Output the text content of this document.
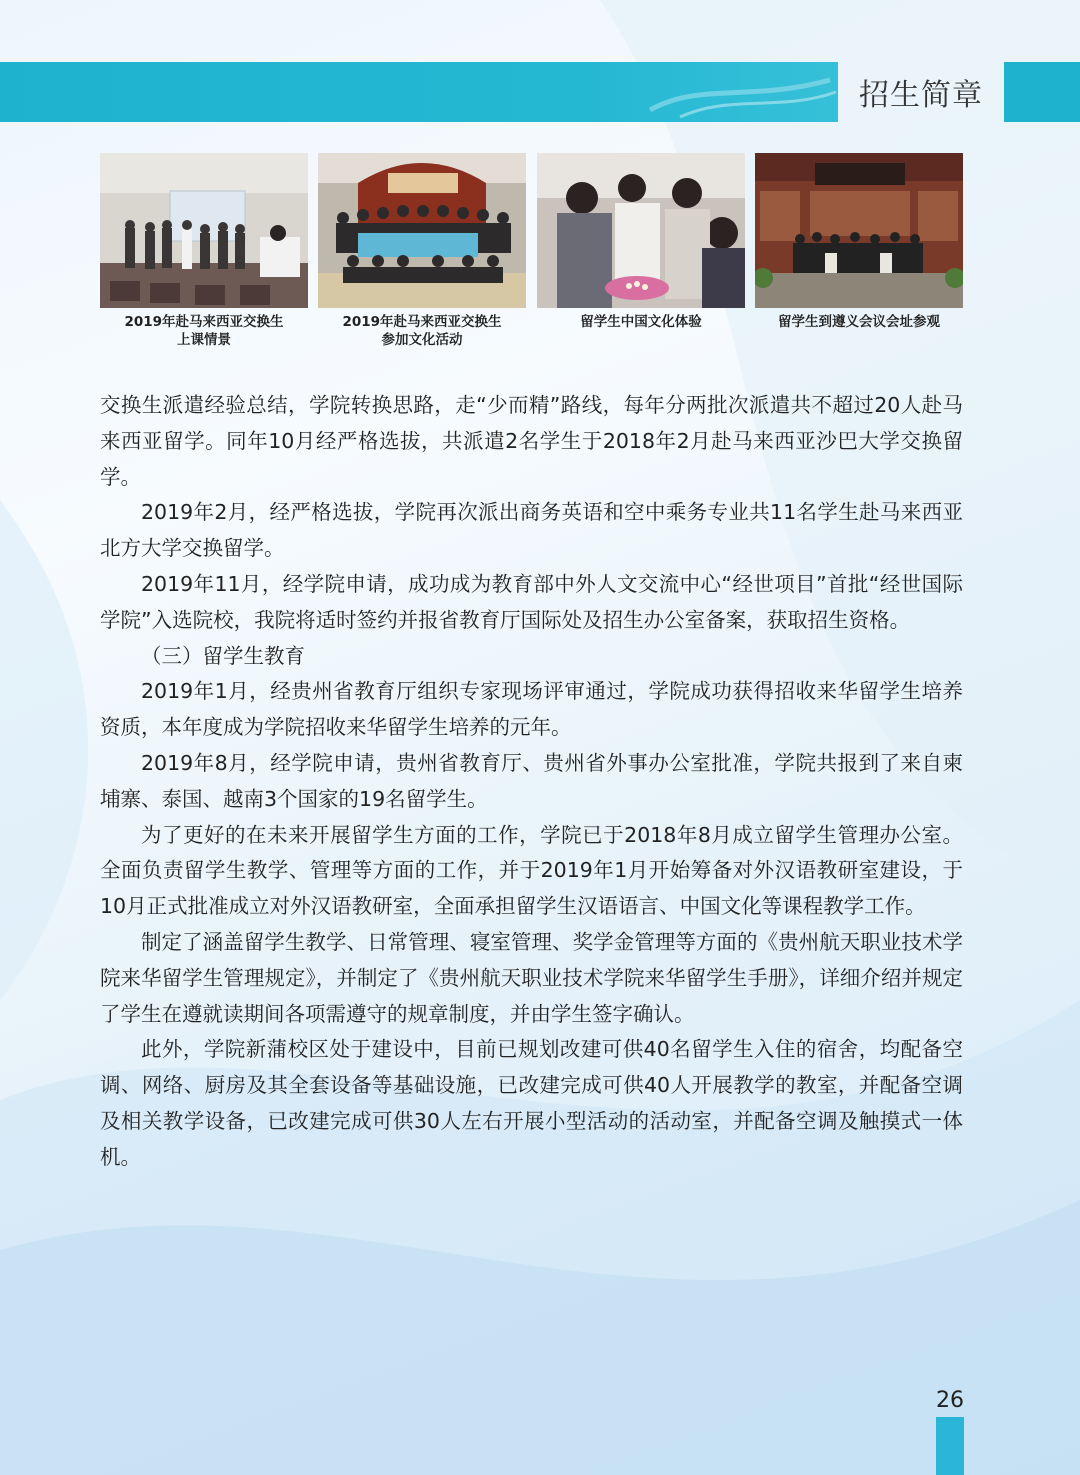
招生简章
2019年赴马来西亚交换生
上课情景
2019年赴马来西亚交换生
参加文化活动
留学生中国文化体验	留学生到遵义会议会址参观

交换生派遣经验总结，学院转换思路，走“少而精”路线，每年分两批次派遣共不超过20人赴马来西亚留学。同年10月经严格选拔，共派遣2名学生于2018年2月赴马来西亚沙巴大学交换留学。

2019年2月，经严格选拔，学院再次派出商务英语和空中乘务专业共11名学生赴马来西亚北方大学交换留学。

2019年11月，经学院申请，成功成为教育部中外人文交流中心“经世项目”首批“经世国际学院”入选院校，我院将适时签约并报省教育厅国际处及招生办公室备案，获取招生资格。

（三）留学生教育

2019年1月，经贵州省教育厅组织专家现场评审通过，学院成功获得招收来华留学生培养资质，本年度成为学院招收来华留学生培养的元年。

2019年8月，经学院申请，贵州省教育厅、贵州省外事办公室批准，学院共报到了来自柬埔寨、泰国、越南3个国家的19名留学生。

为了更好的在未来开展留学生方面的工作，学院已于2018年8月成立留学生管理办公室。全面负责留学生教学、管理等方面的工作，并于2019年1月开始筹备对外汉语教研室建设，于10月正式批准成立对外汉语教研室，全面承担留学生汉语语言、中国文化等课程教学工作。

制定了涵盖留学生教学、日常管理、寝室管理、奖学金管理等方面的《贵州航天职业技术学院来华留学生管理规定》，并制定了《贵州航天职业技术学院来华留学生手册》，详细介绍并规定了学生在遵就读期间各项需遵守的规章制度，并由学生签字确认。

此外，学院新蒲校区处于建设中，目前已规划改建可供40名留学生入住的宿舍，均配备空调、网络、厨房及其全套设备等基础设施，已改建完成可供40人开展教学的教室，并配备空调及相关教学设备，已改建完成可供30人左右开展小型活动的活动室，并配备空调及触摸式一体机。

26
